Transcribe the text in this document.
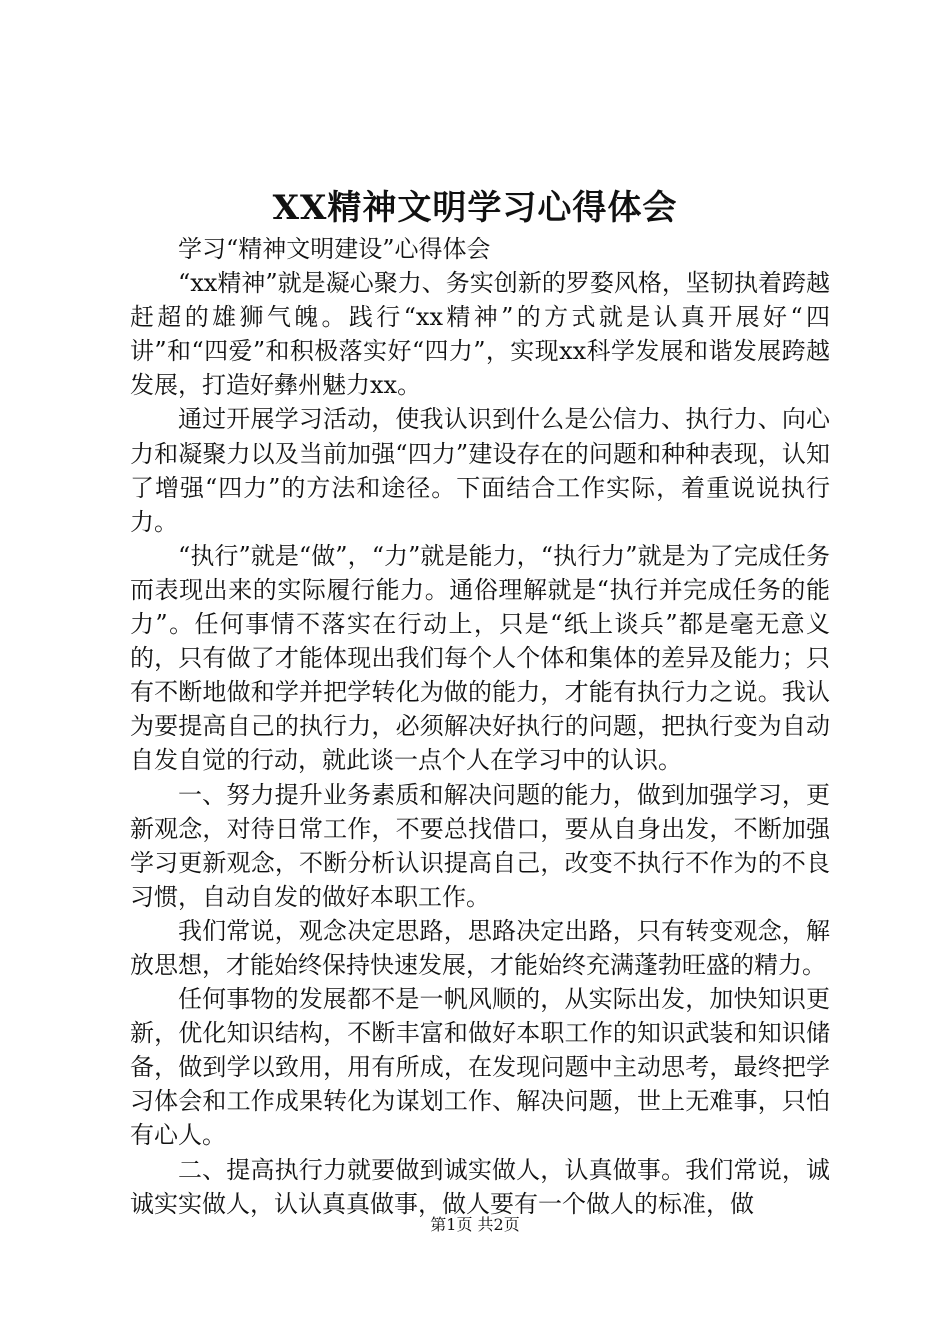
XX精神文明学习心得体会

学习“精神文明建设”心得体会

“xx精神”就是凝心聚力、务实创新的罗婺风格，坚韧执着跨越赶超的雄狮气魄。践行“xx精神”的方式就是认真开展好“四讲”和“四爱”和积极落实好“四力”，实现xx科学发展和谐发展跨越发展，打造好彝州魅力xx。

通过开展学习活动，使我认识到什么是公信力、执行力、向心力和凝聚力以及当前加强“四力”建设存在的问题和种种表现，认知了增强“四力”的方法和途径。下面结合工作实际，着重说说执行力。

“执行”就是“做”，“力”就是能力，“执行力”就是为了完成任务而表现出来的实际履行能力。通俗理解就是“执行并完成任务的能力”。任何事情不落实在行动上，只是“纸上谈兵”都是毫无意义的，只有做了才能体现出我们每个人个体和集体的差异及能力；只有不断地做和学并把学转化为做的能力，才能有执行力之说。我认为要提高自己的执行力，必须解决好执行的问题，把执行变为自动自发自觉的行动，就此谈一点个人在学习中的认识。

一、努力提升业务素质和解决问题的能力，做到加强学习，更新观念，对待日常工作，不要总找借口，要从自身出发，不断加强学习更新观念，不断分析认识提高自己，改变不执行不作为的不良习惯，自动自发的做好本职工作。

我们常说，观念决定思路，思路决定出路，只有转变观念，解放思想，才能始终保持快速发展，才能始终充满蓬勃旺盛的精力。

任何事物的发展都不是一帆风顺的，从实际出发，加快知识更新，优化知识结构，不断丰富和做好本职工作的知识武装和知识储备，做到学以致用，用有所成，在发现问题中主动思考，最终把学习体会和工作成果转化为谋划工作、解决问题，世上无难事，只怕有心人。

二、提高执行力就要做到诚实做人，认真做事。我们常说，诚诚实实做人，认认真真做事，做人要有一个做人的标准，做

第1页 共2页
